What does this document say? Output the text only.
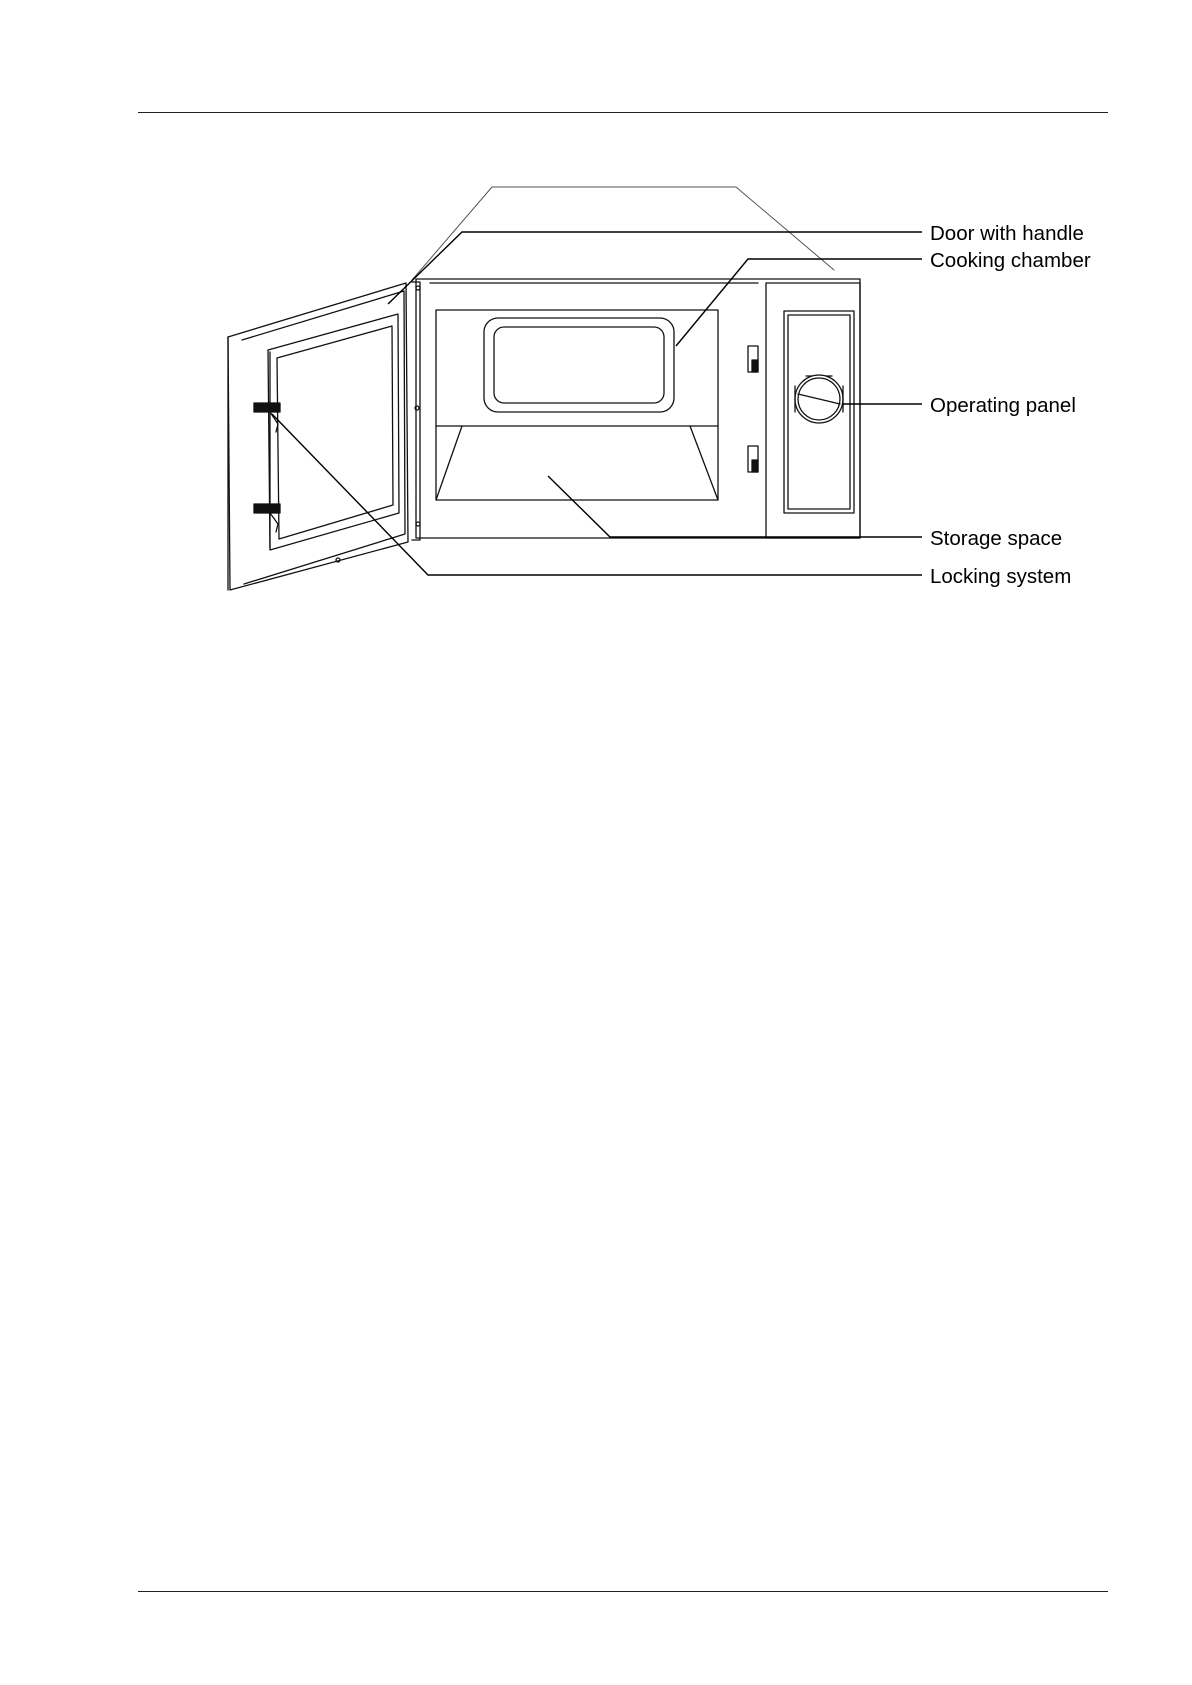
Door with handle
Cooking chamber
Operating panel
Storage space
Locking system
